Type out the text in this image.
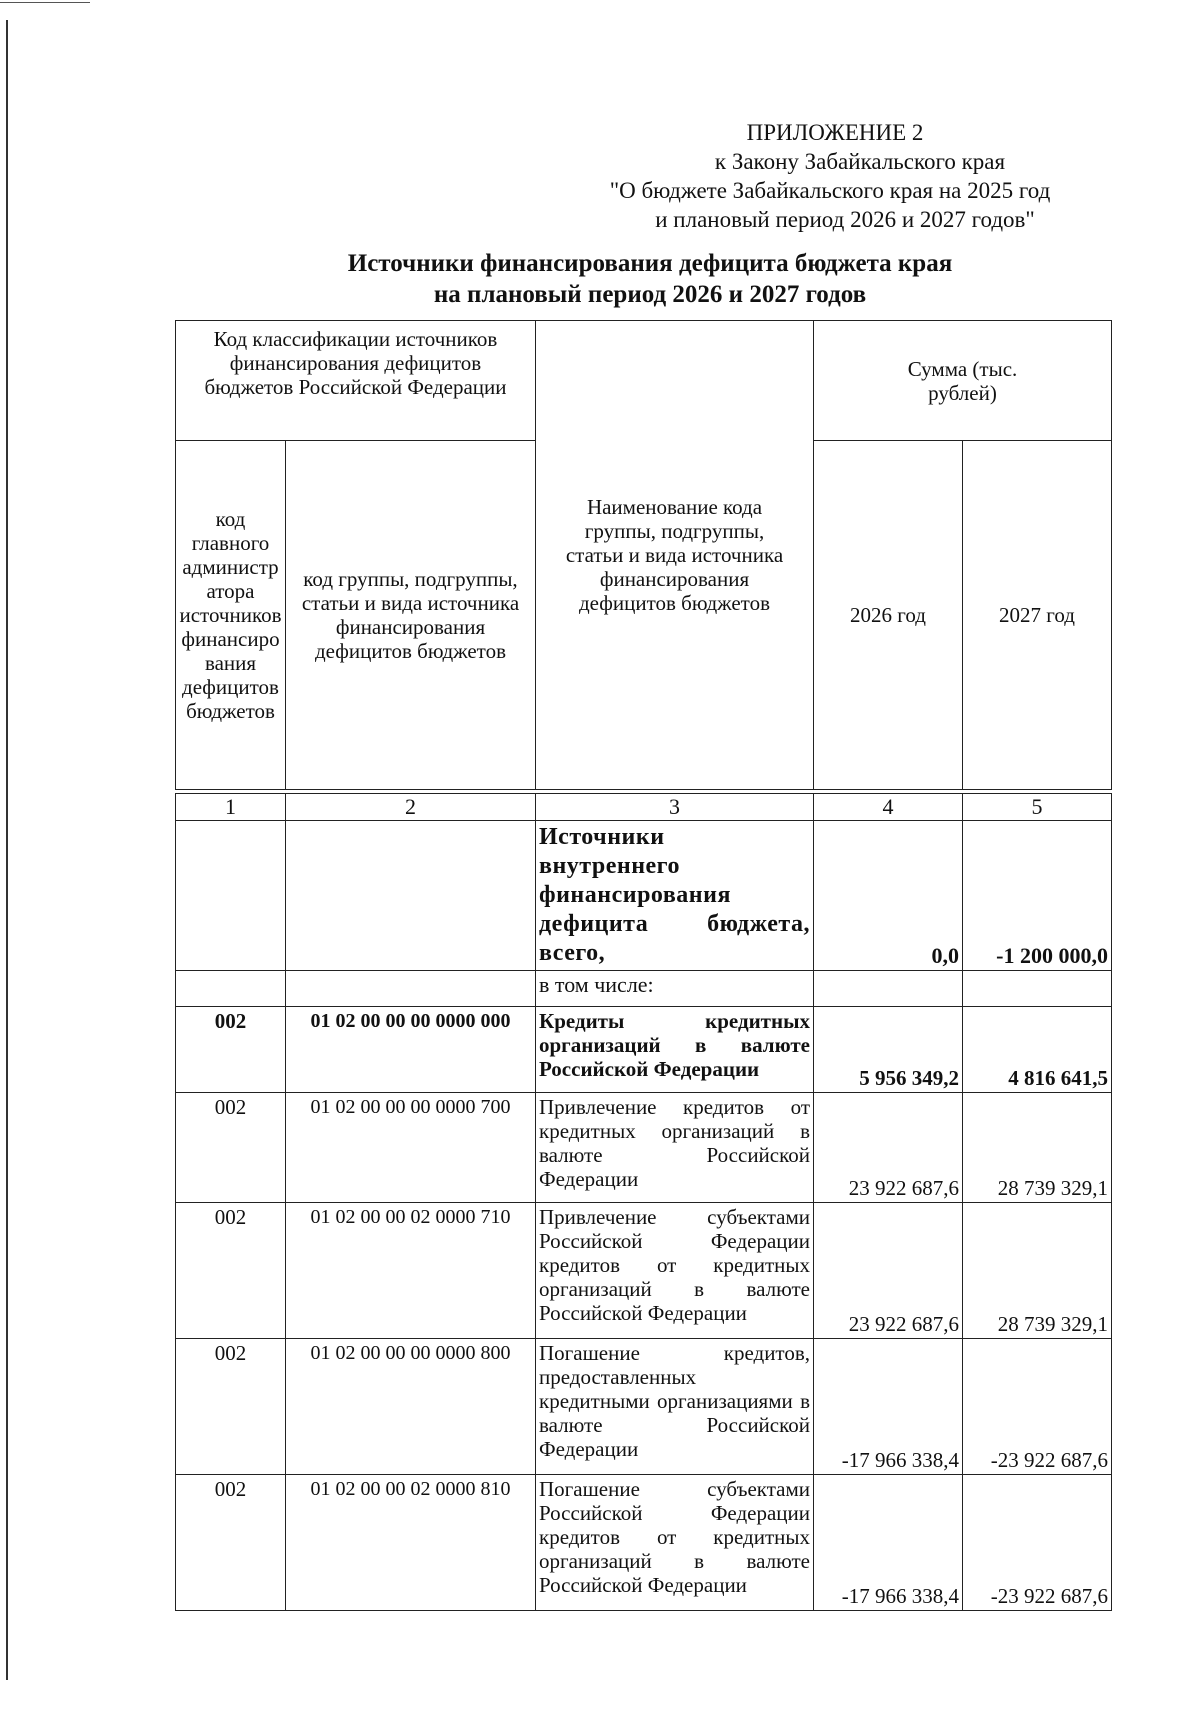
ПРИЛОЖЕНИЕ 2
к Закону Забайкальского края
"О бюджете Забайкальского края на 2025 год
и плановый период 2026 и 2027 годов"
Источники финансирования дефицита бюджета края
на плановый период 2026 и 2027 годов
Код классификации источников финансирования дефицитов бюджетов Российской Федерации		Наименование кода группы, подгруппы, статьи и вида источника финансирования дефицитов бюджетов	Сумма (тыс. рублей)	
код главного администратора источников финансирования дефицитов бюджетов	код группы, подгруппы, статьи и вида источника финансирования дефицитов бюджетов		2026 год	2027 год
1	2	3	4	5
		Источники внутреннего финансирования дефицита бюджета, всего,	0,0	-1 200 000,0
		в том числе:		
002	01 02 00 00 00 0000 000	Кредиты кредитных организаций в валюте Российской Федерации	5 956 349,2	4 816 641,5
002	01 02 00 00 00 0000 700	Привлечение кредитов от кредитных организаций в валюте Российской Федерации	23 922 687,6	28 739 329,1
002	01 02 00 00 02 0000 710	Привлечение субъектами Российской Федерации кредитов от кредитных организаций в валюте Российской Федерации	23 922 687,6	28 739 329,1
002	01 02 00 00 00 0000 800	Погашение кредитов, предоставленных кредитными организациями в валюте Российской Федерации	-17 966 338,4	-23 922 687,6
002	01 02 00 00 02 0000 810	Погашение субъектами Российской Федерации кредитов от кредитных организаций в валюте Российской Федерации	-17 966 338,4	-23 922 687,6
